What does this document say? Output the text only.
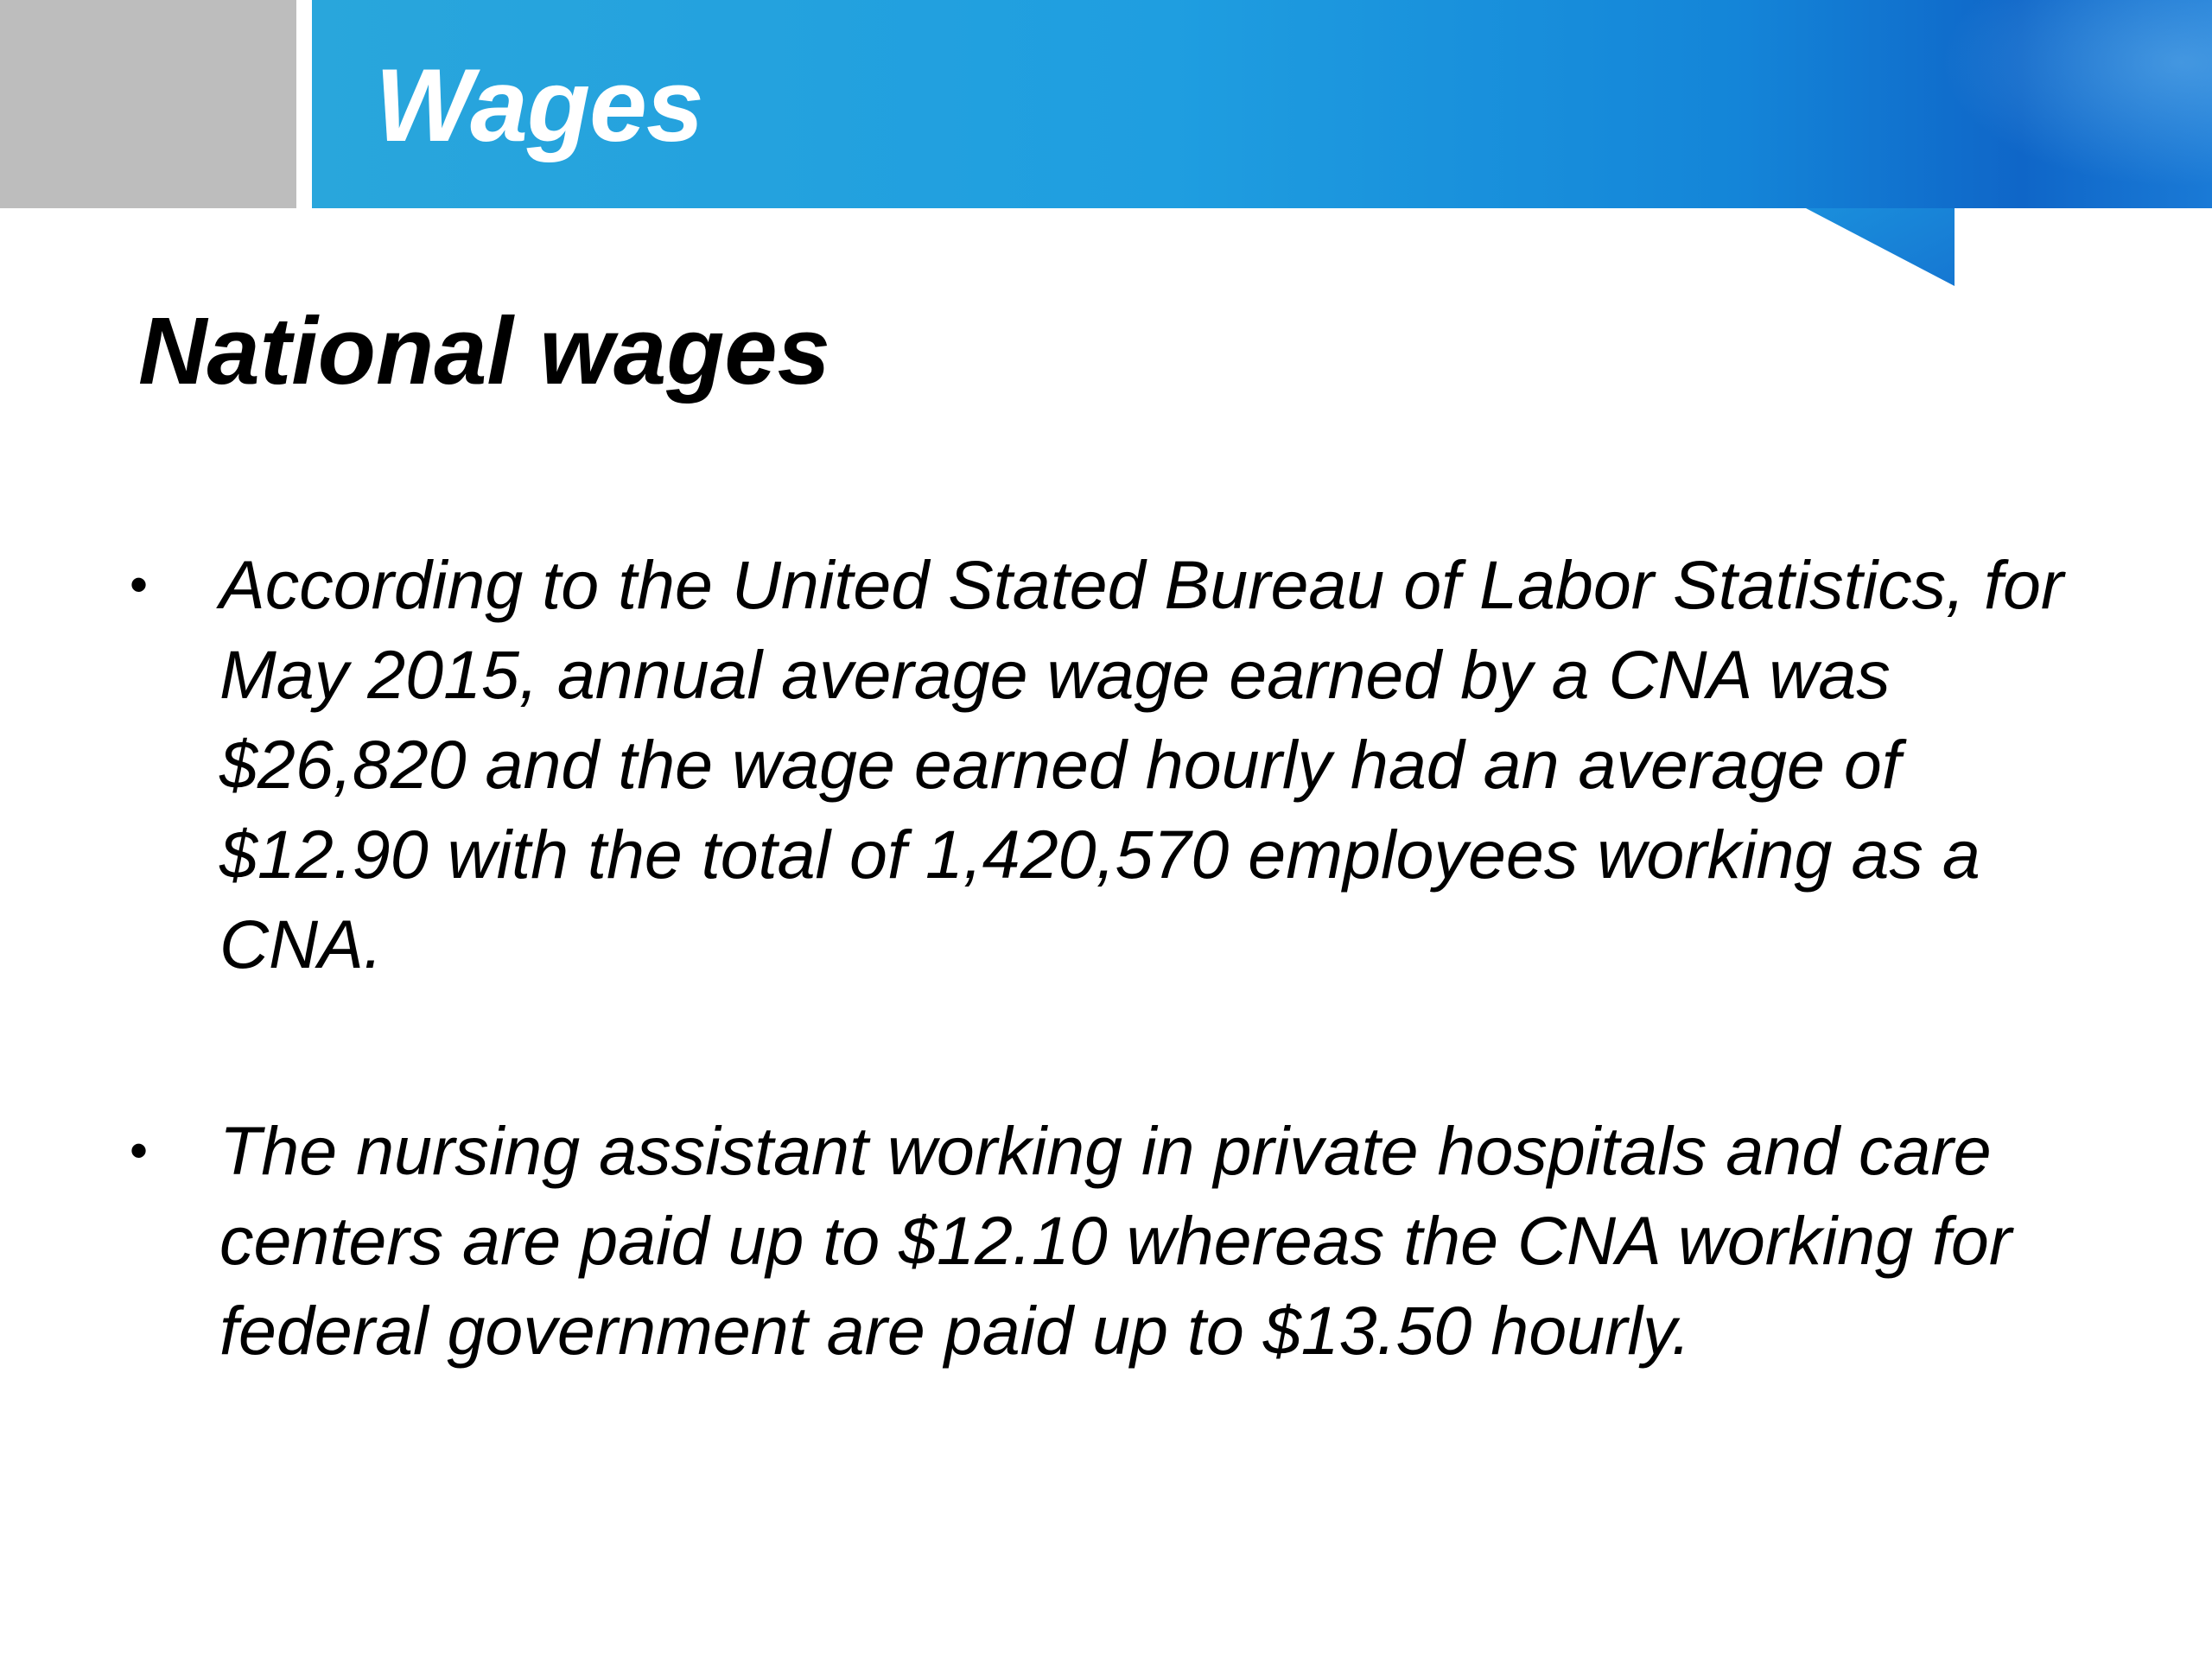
Wages
National wages
• According to the United Stated Bureau of Labor Statistics, for May 2015, annual average wage earned by a CNA was $26,820 and the wage earned hourly had an average of $12.90 with the total of 1,420,570 employees working as a CNA.
• The nursing assistant working in private hospitals and care centers are paid up to $12.10 whereas the CNA working for federal government are paid up to $13.50 hourly.
